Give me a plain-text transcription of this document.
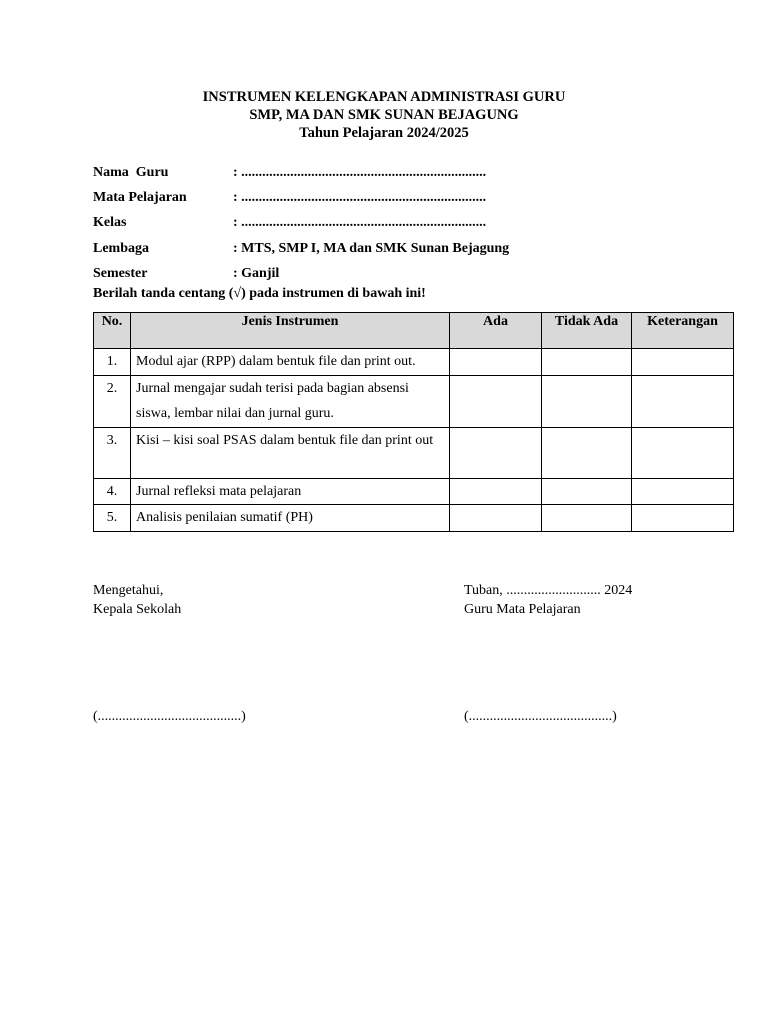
INSTRUMEN KELENGKAPAN ADMINISTRASI GURU
SMP, MA DAN SMK SUNAN BEJAGUNG
Tahun Pelajaran 2024/2025
Nama  Guru	: ......................................................................
Mata Pelajaran	: ......................................................................
Kelas	: ......................................................................
Lembaga	: MTS, SMP I, MA dan SMK Sunan Bejagung
Semester	: Ganjil
Berilah tanda centang (√) pada instrumen di bawah ini!
No.	Jenis Instrumen	Ada	Tidak Ada	Keterangan
1.	Modul ajar (RPP) dalam bentuk file dan print out.			
2.	Jurnal mengajar sudah terisi pada bagian absensi siswa, lembar nilai dan jurnal guru.			
3.	Kisi – kisi soal PSAS dalam bentuk file dan print out			
4.	Jurnal refleksi mata pelajaran			
5.	Analisis penilaian sumatif (PH)			
Mengetahui,
Kepala Sekolah
Tuban, ........................... 2024
Guru Mata Pelajaran
(.........................................)	(.........................................)
